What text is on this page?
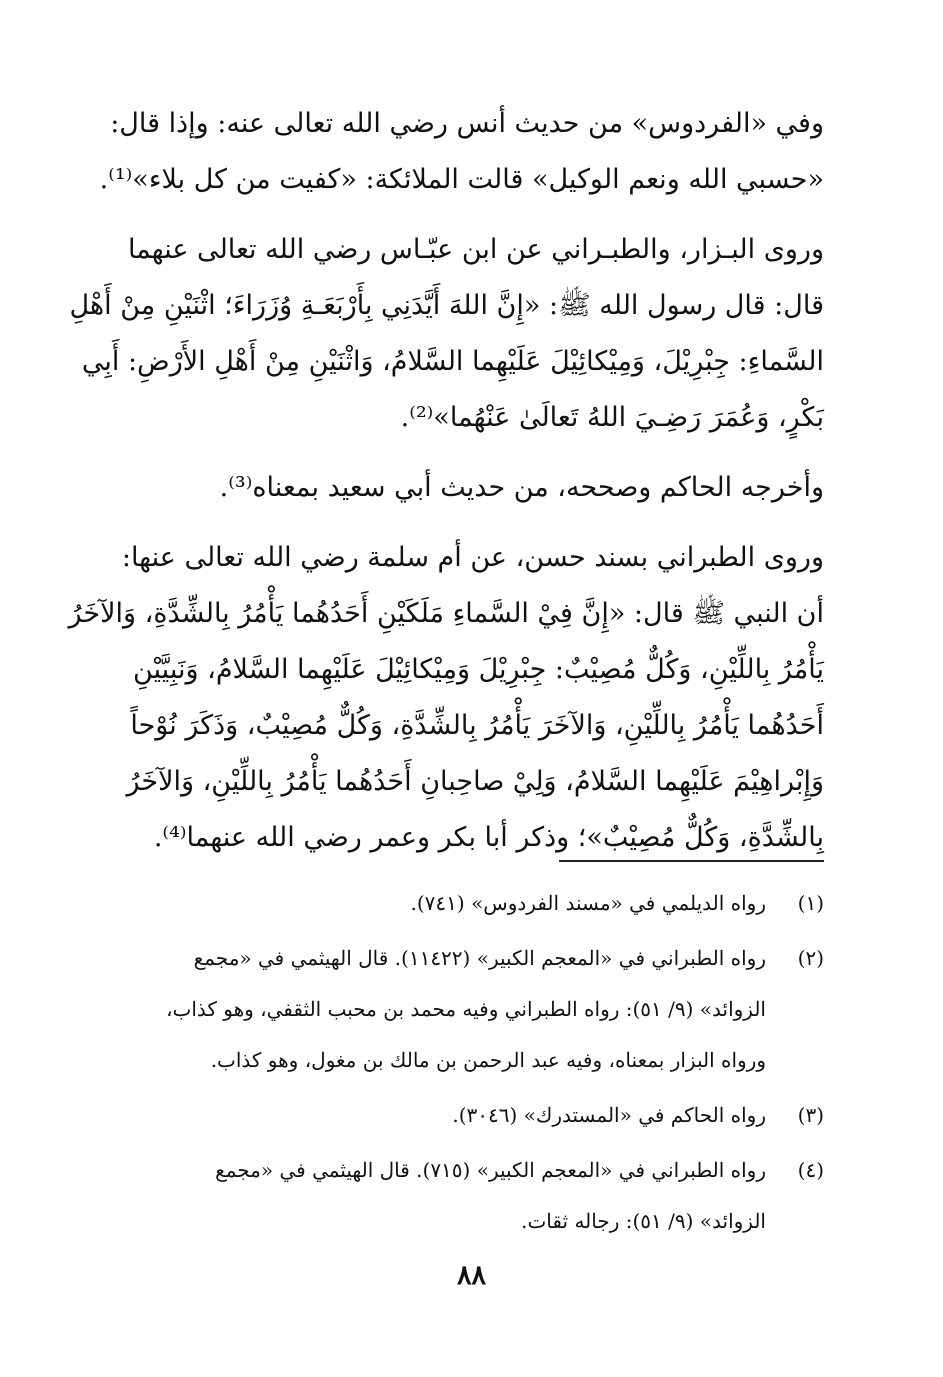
وفي «الفردوس» من حديث أنس رضي الله تعالى عنه: وإذا قال:
«حسبي الله ونعم الوكيل» قالت الملائكة: «كفيت من كل بلاء»⁽¹⁾.

وروى البـزار، والطبـراني عن ابن عبّـاس رضي الله تعالى عنهما
قال: قال رسول الله ﷺ: «إِنَّ اللهَ أَيَّدَنِي بِأَرْبَعَـةِ وُزَرَاءَ؛ اثْنَيْنِ مِنْ أَهْلِ
السَّماءِ: جِبْرِيْلَ، وَمِيْكائِيْلَ عَلَيْهِما السَّلامُ، وَاثْنَيْنِ مِنْ أَهْلِ الأَرْضِ: أَبِي
بَكْرٍ، وَعُمَرَ رَضِـيَ اللهُ تَعالَىٰ عَنْهُما»⁽²⁾.

وأخرجه الحاكم وصححه، من حديث أبي سعيد بمعناه⁽³⁾.

وروى الطبراني بسند حسن، عن أم سلمة رضي الله تعالى عنها:
أن النبي ﷺ قال: «إِنَّ فِيْ السَّماءِ مَلَكَيْنِ أَحَدُهُما يَأْمُرُ بِالشِّدَّةِ، وَالآخَرُ
يَأْمُرُ بِاللِّيْنِ، وَكُلٌّ مُصِيْبٌ: جِبْرِيْلَ وَمِيْكائِيْلَ عَلَيْهِما السَّلامُ، وَنَبِيَّيْنِ
أَحَدُهُما يَأْمُرُ بِاللِّيْنِ، وَالآخَرَ يَأْمُرُ بِالشِّدَّةِ، وَكُلٌّ مُصِيْبٌ، وَذَكَرَ نُوْحاً
وَإِبْراهِيْمَ عَلَيْهِما السَّلامُ، وَلِيْ صاحِبانِ أَحَدُهُما يَأْمُرُ بِاللِّيْنِ، وَالآخَرُ
بِالشِّدَّةِ، وَكُلٌّ مُصِيْبٌ»؛ وذكر أبا بكر وعمر رضي الله عنهما⁽⁴⁾.

(١)
رواه الديلمي في «مسند الفردوس» (٧٤١).
(٢)
رواه الطبراني في «المعجم الكبير» (١١٤٢٢). قال الهيثمي في «مجمع
الزوائد» (٩/ ٥١): رواه الطبراني وفيه محمد بن محبب الثقفي، وهو كذاب،
ورواه البزار بمعناه، وفيه عبد الرحمن بن مالك بن مغول، وهو كذاب.
(٣)
رواه الحاكم في «المستدرك» (٣٠٤٦).
(٤)
رواه الطبراني في «المعجم الكبير» (٧١٥). قال الهيثمي في «مجمع
الزوائد» (٩/ ٥١): رجاله ثقات.
٨٨
